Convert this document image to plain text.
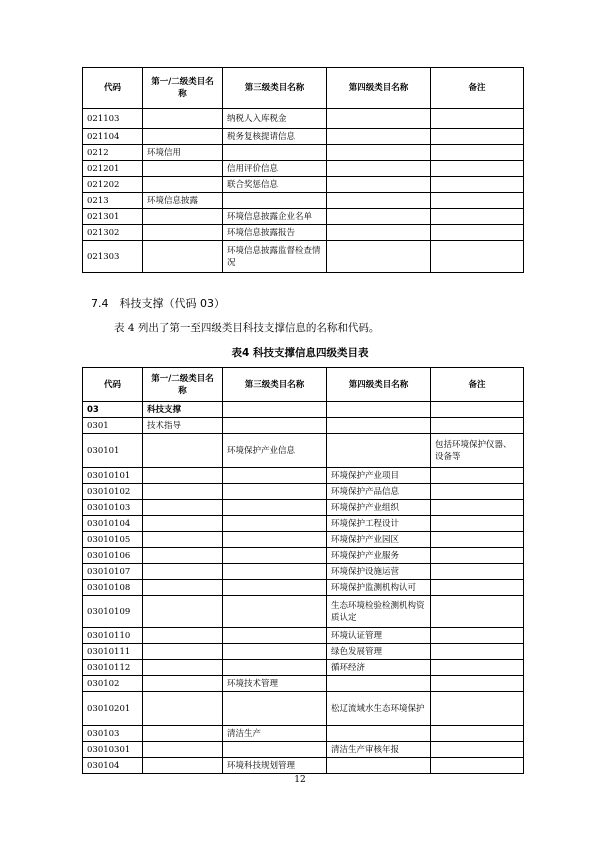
代码	第一/二级类目名称	第三级类目名称	第四级类目名称	备注
021103		纳税人入库税金		
021104		税务复核提请信息		
0212	环境信用			
021201		信用评价信息		
021202		联合奖惩信息		
0213	环境信息披露			
021301		环境信息披露企业名单		
021302		环境信息披露报告		
021303		环境信息披露监督检查情况		
7.4　科技支撑（代码 03）
表 4 列出了第一至四级类目科技支撑信息的名称和代码。
表4 科技支撑信息四级类目表
代码	第一/二级类目名称	第三级类目名称	第四级类目名称	备注
03	科技支撑			
0301	技术指导			
030101		环境保护产业信息		包括环境保护仪器、设备等
03010101			环境保护产业项目	
03010102			环境保护产品信息	
03010103			环境保护产业组织	
03010104			环境保护工程设计	
03010105			环境保护产业园区	
03010106			环境保护产业服务	
03010107			环境保护设施运营	
03010108			环境保护监测机构认可	
03010109			生态环境检验检测机构资质认定	
03010110			环境认证管理	
03010111			绿色发展管理	
03010112			循环经济	
030102		环境技术管理		
03010201			松辽流域水生态环境保护	
030103		清洁生产		
03010301			清洁生产审核年报	
030104		环境科技规划管理		
12
